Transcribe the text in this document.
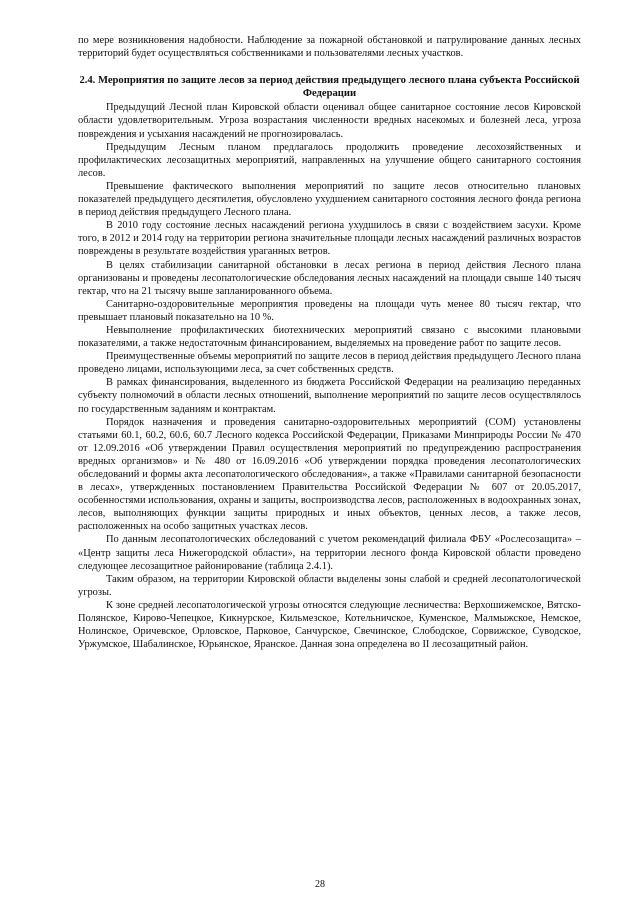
по мере возникновения надобности. Наблюдение за пожарной обстановкой и патрулирование данных лесных территорий будет осуществляться собственниками и пользователями лесных участков.

2.4. Мероприятия по защите лесов за период действия предыдущего лесного плана субъекта Российской Федерации

Предыдущий Лесной план Кировской области оценивал общее санитарное состояние лесов Кировской области удовлетворительным. Угроза возрастания численности вредных насекомых и болезней леса, угроза повреждения и усыхания насаждений не прогнозировалась.

Предыдущим Лесным планом предлагалось продолжить проведение лесохозяйственных и профилактических лесозащитных мероприятий, направленных на улучшение общего санитарного состояния лесов.

Превышение фактического выполнения мероприятий по защите лесов относительно плановых показателей предыдущего десятилетия, обусловлено ухудшением санитарного состояния лесного фонда региона в период действия предыдущего Лесного плана.

В 2010 году состояние лесных насаждений региона ухудшилось в связи с воздействием засухи. Кроме того, в 2012 и 2014 году на территории региона значительные площади лесных насаждений различных возрастов повреждены в результате воздействия ураганных ветров.

В целях стабилизации санитарной обстановки в лесах региона в период действия Лесного плана организованы и проведены лесопатологические обследования лесных насаждений на площади свыше 140 тысяч гектар, что на 21 тысячу выше запланированного объема.

Санитарно-оздоровительные мероприятия проведены на площади чуть менее 80 тысяч гектар, что превышает плановый показательно на 10 %.

Невыполнение профилактических биотехнических мероприятий связано с высокими плановыми показателями, а также недостаточным финансированием, выделяемых на проведение работ по защите лесов.

Преимущественные объемы мероприятий по защите лесов в период действия предыдущего Лесного плана проведено лицами, использующими леса, за счет собственных средств.

В рамках финансирования, выделенного из бюджета Российской Федерации на реализацию переданных субъекту полномочий в области лесных отношений, выполнение мероприятий по защите лесов осуществлялось по государственным заданиям и контрактам.

Порядок назначения и проведения санитарно-оздоровительных мероприятий (СОМ) установлены статьями 60.1, 60.2, 60.6, 60.7 Лесного кодекса Российской Федерации, Приказами Минприроды России № 470 от 12.09.2016 «Об утверждении Правил осуществления мероприятий по предупреждению распространения вредных организмов» и № 480 от 16.09.2016 «Об утверждении порядка проведения лесопатологических обследований и формы акта лесопатологического обследования», а также «Правилами санитарной безопасности в лесах», утвержденных постановлением Правительства Российской Федерации № 607 от 20.05.2017, особенностями использования, охраны и защиты, воспроизводства лесов, расположенных в водоохранных зонах, лесов, выполняющих функции защиты природных и иных объектов, ценных лесов, а также лесов, расположенных на особо защитных участках лесов.

По данным лесопатологических обследований с учетом рекомендаций филиала ФБУ «Рослесозащита» – «Центр защиты леса Нижегородской области», на территории лесного фонда Кировской области проведено следующее лесозащитное районирование (таблица 2.4.1).

Таким образом, на территории Кировской области выделены зоны слабой и средней лесопатологической угрозы.

К зоне средней лесопатологической угрозы относятся следующие лесничества: Верхошижемское, Вятско-Полянское, Кирово-Чепецкое, Кикнурское, Кильмезское, Котельничское, Куменское, Малмыжское, Немское, Нолинское, Оричевское, Орловское, Парковое, Санчурское, Свечинское, Слободское, Сорвижское, Суводское, Уржумское, Шабалинское, Юрьянское, Яранское. Данная зона определена во II лесозащитный район.

28
